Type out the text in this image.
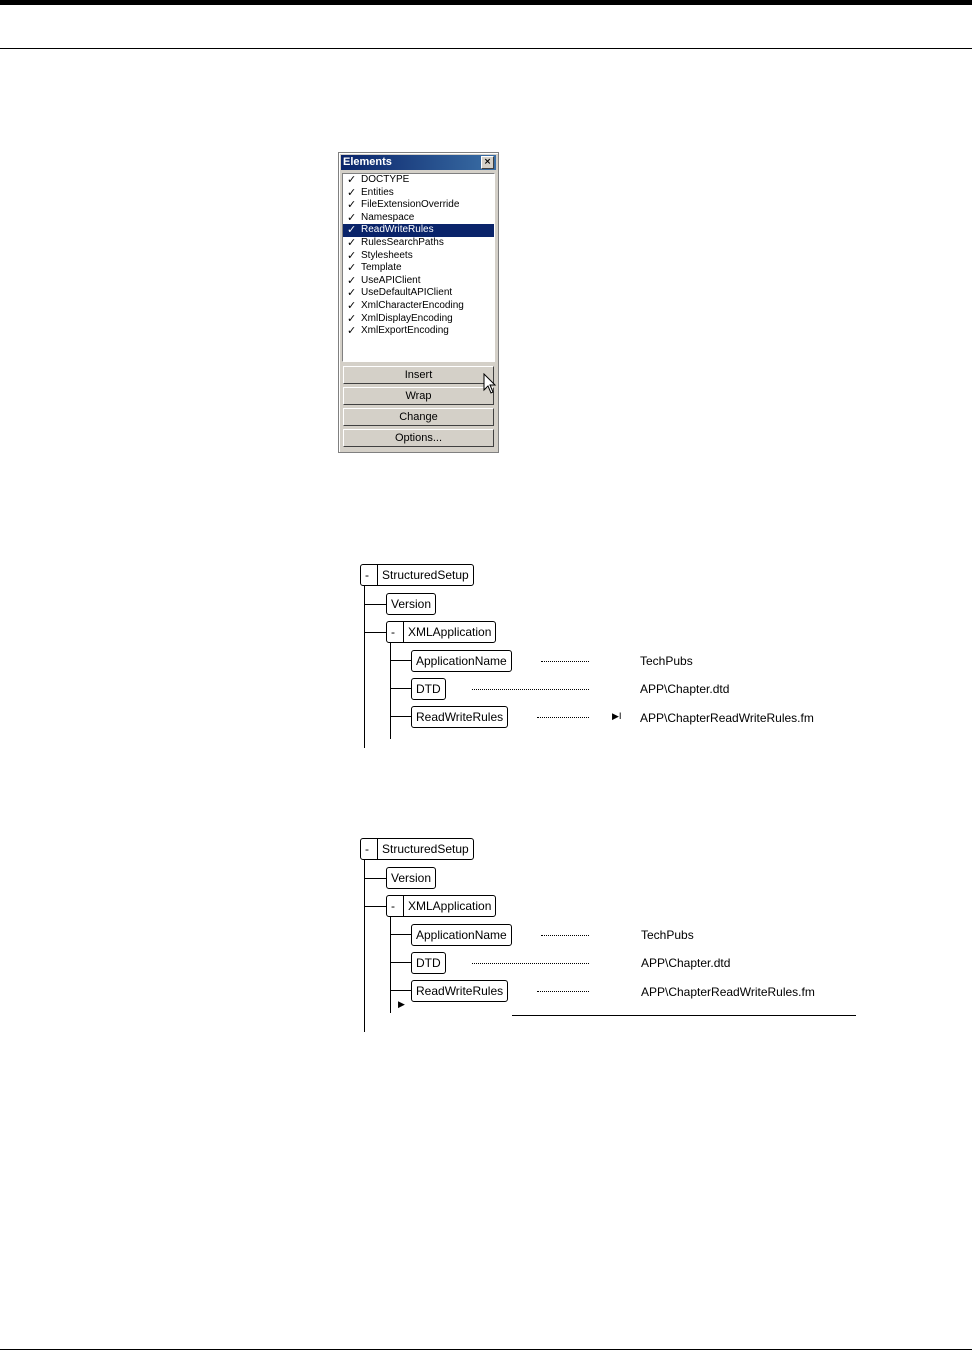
Elements	×
✓ DOCTYPE
✓ Entities
✓ FileExtensionOverride
✓ Namespace
✓ ReadWriteRules
✓ RulesSearchPaths
✓ Stylesheets
✓ Template
✓ UseAPIClient
✓ UseDefaultAPIClient
✓ XmlCharacterEncoding
✓ XmlDisplayEncoding
✓ XmlExportEncoding
Insert
Wrap
Change
Options...
- StructuredSetup
Version
- XMLApplication
ApplicationName
DTD
ReadWriteRules
TechPubs
APP\Chapter.dtd
▶I APP\ChapterReadWriteRules.fm
- StructuredSetup
Version
- XMLApplication
ApplicationName
DTD
ReadWriteRules
TechPubs
APP\Chapter.dtd
APP\ChapterReadWriteRules.fm
▶
